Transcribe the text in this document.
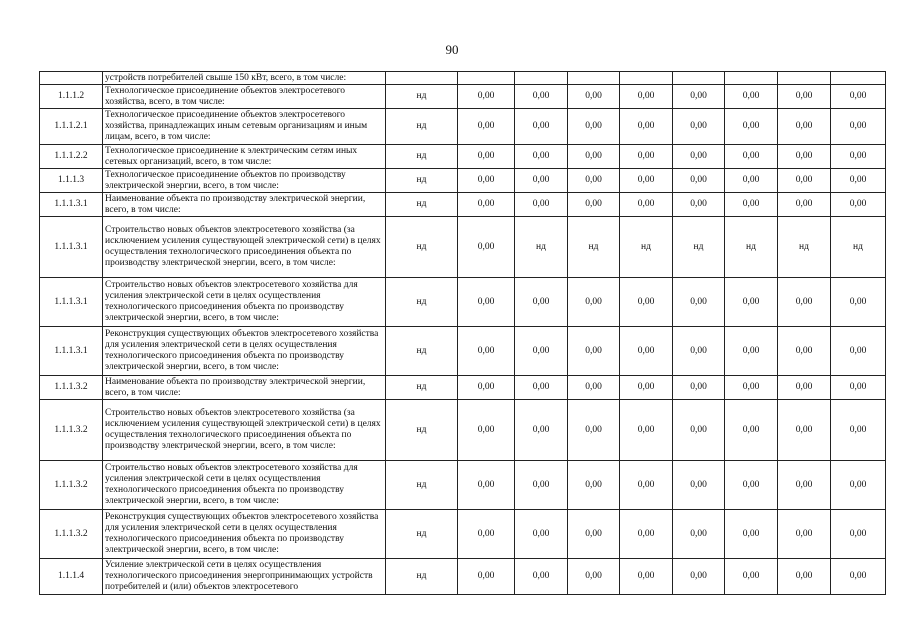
90
	устройств потребителей свыше 150 кВт, всего, в том числе:									
1.1.1.2	Технологическое присоединение объектов электросетевого хозяйства, всего, в том числе:	нд	0,00	0,00	0,00	0,00	0,00	0,00	0,00	0,00
1.1.1.2.1	Технологическое присоединение объектов электросетевого хозяйства, принадлежащих иным сетевым организациям и иным лицам, всего, в том числе:	нд	0,00	0,00	0,00	0,00	0,00	0,00	0,00	0,00
1.1.1.2.2	Технологическое присоединение к электрическим сетям иных сетевых организаций, всего, в том числе:	нд	0,00	0,00	0,00	0,00	0,00	0,00	0,00	0,00
1.1.1.3	Технологическое присоединение объектов по производству электрической энергии, всего, в том числе:	нд	0,00	0,00	0,00	0,00	0,00	0,00	0,00	0,00
1.1.1.3.1	Наименование объекта по производству электрической энергии, всего, в том числе:	нд	0,00	0,00	0,00	0,00	0,00	0,00	0,00	0,00
1.1.1.3.1	Строительство новых объектов электросетевого хозяйства (за исключением усиления существующей электрической сети) в целях осуществления технологического присоединения объекта по производству электрической энергии, всего, в том числе:	нд	0,00	нд	нд	нд	нд	нд	нд	нд
1.1.1.3.1	Строительство новых объектов электросетевого хозяйства для усиления электрической сети в целях осуществления технологического присоединения объекта по производству электрической энергии, всего, в том числе:	нд	0,00	0,00	0,00	0,00	0,00	0,00	0,00	0,00
1.1.1.3.1	Реконструкция существующих объектов электросетевого хозяйства для усиления электрической сети в целях осуществления технологического присоединения объекта по производству электрической энергии, всего, в том числе:	нд	0,00	0,00	0,00	0,00	0,00	0,00	0,00	0,00
1.1.1.3.2	Наименование объекта по производству электрической энергии, всего, в том числе:	нд	0,00	0,00	0,00	0,00	0,00	0,00	0,00	0,00
1.1.1.3.2	Строительство новых объектов электросетевого хозяйства (за исключением усиления существующей электрической сети) в целях осуществления технологического присоединения объекта по производству электрической энергии, всего, в том числе:	нд	0,00	0,00	0,00	0,00	0,00	0,00	0,00	0,00
1.1.1.3.2	Строительство новых объектов электросетевого хозяйства для усиления электрической сети в целях осуществления технологического присоединения объекта по производству электрической энергии, всего, в том числе:	нд	0,00	0,00	0,00	0,00	0,00	0,00	0,00	0,00
1.1.1.3.2	Реконструкция существующих объектов электросетевого хозяйства для усиления электрической сети в целях осуществления технологического присоединения объекта по производству электрической энергии, всего, в том числе:	нд	0,00	0,00	0,00	0,00	0,00	0,00	0,00	0,00
1.1.1.4	Усиление электрической сети в целях осуществления технологического присоединения энергопринимающих устройств потребителей и (или) объектов электросетевого	нд	0,00	0,00	0,00	0,00	0,00	0,00	0,00	0,00
